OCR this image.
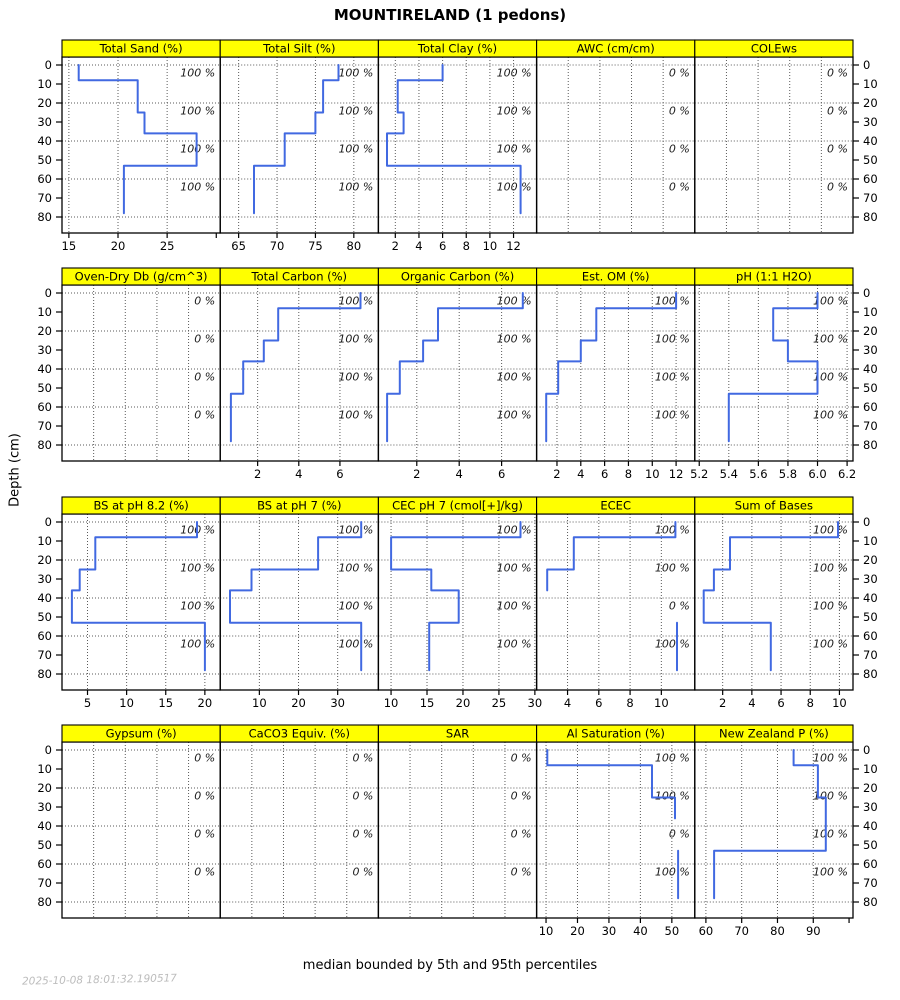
100 %
100 %
100 %
100 %
15	20	25
Total Sand (%)
100 %
100 %
100 %
100 %
65 70 75 80
Total Silt (%)
100 %
100 %
100 %
100 %
2 4 6 8 10 12
Total Clay (%)
0 %
0 %
0 %
0 %
AWC (cm/cm)
0 %
0 %
0 %
0 %
COLEws
0	0
10	10
20	20
30	30
40	40
50	50
60	60
70	70
80	80
0 %
0 %
0 %
0 %
Oven-Dry Db (g/cm^3)
100 %
100 %
100 %
100 %
2	4	6
Total Carbon (%)
100 %
100 %
100 %
100 %
2	4	6
Organic Carbon (%)
100 %
100 %
100 %
100 %
2 4 6 8 10 12
Est. OM (%)
100 %
100 %
100 %
100 %
5.2 5.4 5.6 5.8 6.0 6.2
pH (1:1 H2O)
0	0
10	10
20	20
30	30
40	40
50	50
60	60
70	70
80	80
100 %
100 %
100 %
100 %
5 10 15 20
BS at pH 8.2 (%)
100 %
100 %
100 %
100 %
10 20 30
BS at pH 7 (%)
100 %
100 %
100 %
100 %
10 15 20 25 30
CEC pH 7 (cmol[+]/kg)
100 %
100 %
0 %
100 %
4 6 8 10
ECEC
100 %
100 %
100 %
100 %
2 4 6 8 10
Sum of Bases
0	0
10	10
20	20
30	30
40	40
50	50
60	60
70	70
80	80
0 %
0 %
0 %
0 %
Gypsum (%)
0 %
0 %
0 %
0 %
CaCO3 Equiv. (%)
0 %
0 %
0 %
0 %
SAR
100 %
100 %
0 %
100 %
10 20 30 40 50
Al Saturation (%)
100 %
100 %
100 %
100 %
60 70 80 90
New Zealand P (%)
0	0
10	10
20	20
30	30
40	40
50	50
60	60
70	70
80	80
MOUNTIRELAND (1 pedons)
Depth (cm)
median bounded by 5th and 95th percentiles
2025-10-08 18:01:32.190517
